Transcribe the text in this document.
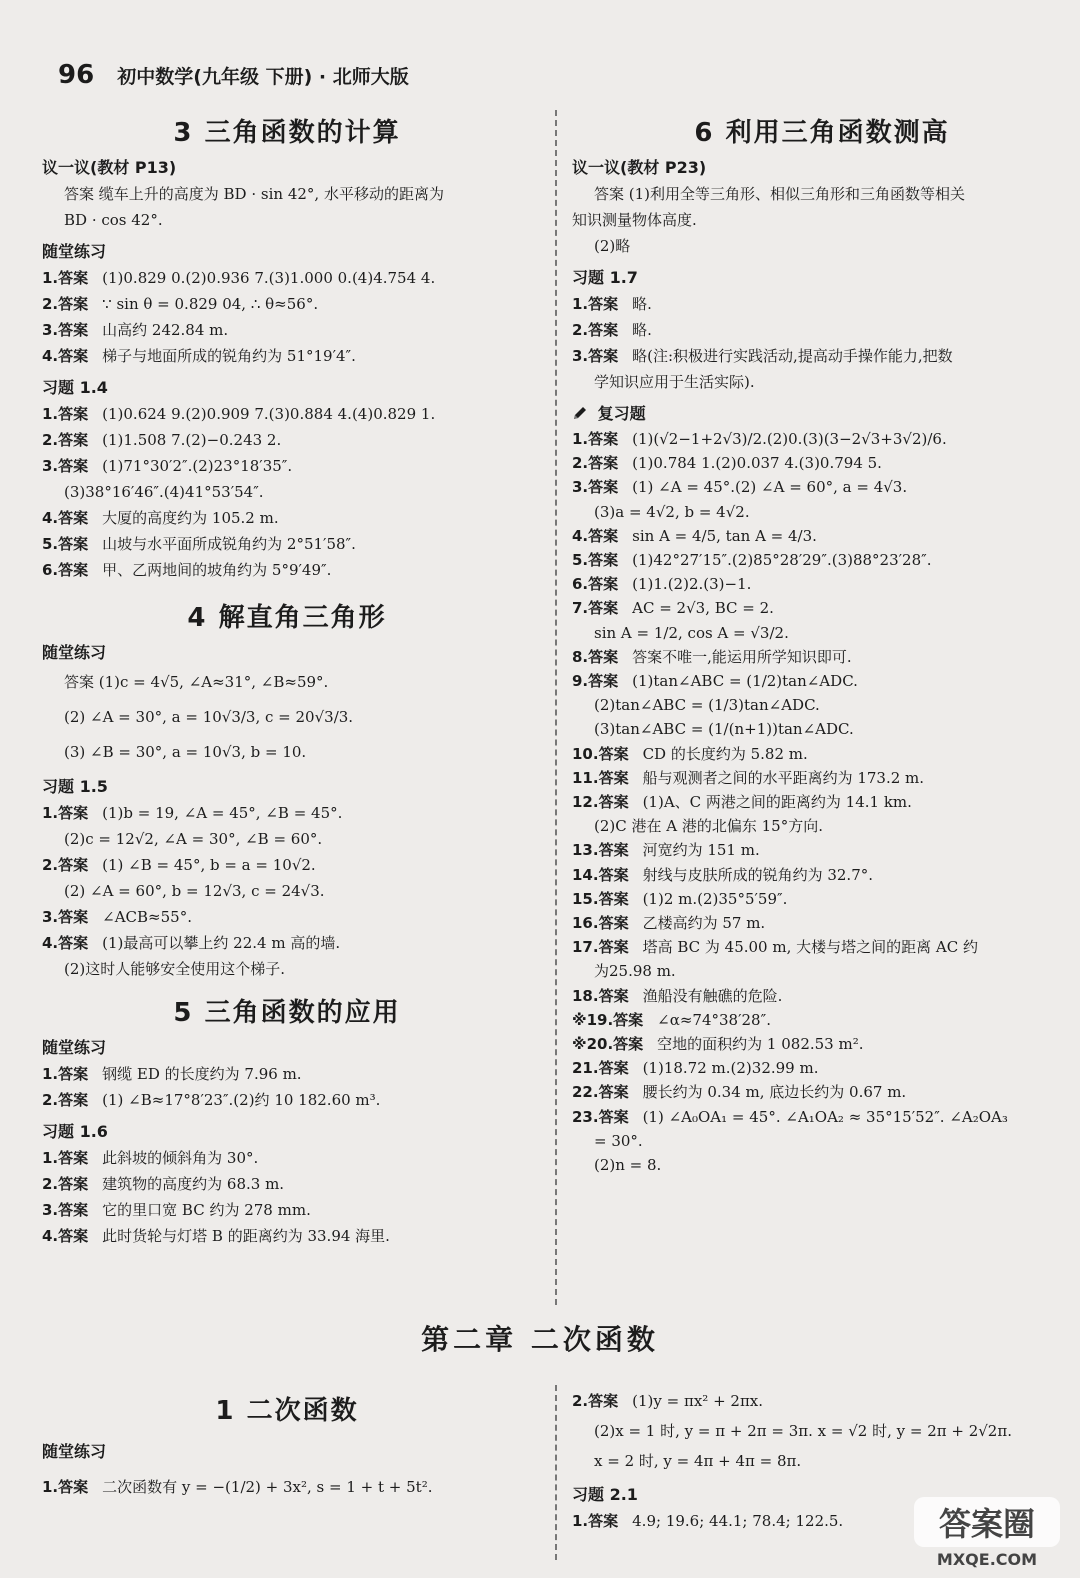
96 初中数学(九年级 下册) · 北师大版
3 三角函数的计算
议一议(教材 P13)
答案 缆车上升的高度为 BD · sin 42°, 水平移动的距离为
BD · cos 42°.
随堂练习
1.答案 (1)0.829 0.(2)0.936 7.(3)1.000 0.(4)4.754 4.
2.答案 ∵ sin θ = 0.829 04, ∴ θ≈56°.
3.答案 山高约 242.84 m.
4.答案 梯子与地面所成的锐角约为 51°19′4″.
习题 1.4
1.答案 (1)0.624 9.(2)0.909 7.(3)0.884 4.(4)0.829 1.
2.答案 (1)1.508 7.(2)−0.243 2.
3.答案 (1)71°30′2″.(2)23°18′35″.
(3)38°16′46″.(4)41°53′54″.
4.答案 大厦的高度约为 105.2 m.
5.答案 山坡与水平面所成锐角约为 2°51′58″.
6.答案 甲、乙两地间的坡角约为 5°9′49″.
4 解直角三角形
随堂练习
答案 (1)c = 4√5, ∠A≈31°, ∠B≈59°.
(2) ∠A = 30°, a = 10√3/3, c = 20√3/3.
(3) ∠B = 30°, a = 10√3, b = 10.
习题 1.5
1.答案 (1)b = 19, ∠A = 45°, ∠B = 45°.
(2)c = 12√2, ∠A = 30°, ∠B = 60°.
2.答案 (1) ∠B = 45°, b = a = 10√2.
(2) ∠A = 60°, b = 12√3, c = 24√3.
3.答案 ∠ACB≈55°.
4.答案 (1)最高可以攀上约 22.4 m 高的墙.
(2)这时人能够安全使用这个梯子.
5 三角函数的应用
随堂练习
1.答案 钢缆 ED 的长度约为 7.96 m.
2.答案 (1) ∠B≈17°8′23″.(2)约 10 182.60 m³.
习题 1.6
1.答案 此斜坡的倾斜角为 30°.
2.答案 建筑物的高度约为 68.3 m.
3.答案 它的里口宽 BC 约为 278 mm.
4.答案 此时货轮与灯塔 B 的距离约为 33.94 海里.
6 利用三角函数测高
议一议(教材 P23)
答案 (1)利用全等三角形、相似三角形和三角函数等相关
知识测量物体高度.
(2)略
习题 1.7
1.答案 略.
2.答案 略.
3.答案 略(注:积极进行实践活动,提高动手操作能力,把数
学知识应用于生活实际).
复习题
1.答案 (1)(√2−1+2√3)/2.(2)0.(3)(3−2√3+3√2)/6.
2.答案 (1)0.784 1.(2)0.037 4.(3)0.794 5.
3.答案 (1) ∠A = 45°.(2) ∠A = 60°, a = 4√3.
(3)a = 4√2, b = 4√2.
4.答案 sin A = 4/5, tan A = 4/3.
5.答案 (1)42°27′15″.(2)85°28′29″.(3)88°23′28″.
6.答案 (1)1.(2)2.(3)−1.
7.答案 AC = 2√3, BC = 2.
sin A = 1/2, cos A = √3/2.
8.答案 答案不唯一,能运用所学知识即可.
9.答案 (1)tan∠ABC = (1/2)tan∠ADC.
(2)tan∠ABC = (1/3)tan∠ADC.
(3)tan∠ABC = (1/(n+1))tan∠ADC.
10.答案 CD 的长度约为 5.82 m.
11.答案 船与观测者之间的水平距离约为 173.2 m.
12.答案 (1)A、C 两港之间的距离约为 14.1 km.
(2)C 港在 A 港的北偏东 15°方向.
13.答案 河宽约为 151 m.
14.答案 射线与皮肤所成的锐角约为 32.7°.
15.答案 (1)2 m.(2)35°5′59″.
16.答案 乙楼高约为 57 m.
17.答案 塔高 BC 为 45.00 m, 大楼与塔之间的距离 AC 约
为25.98 m.
18.答案 渔船没有触礁的危险.
※19.答案 ∠α≈74°38′28″.
※20.答案 空地的面积约为 1 082.53 m².
21.答案 (1)18.72 m.(2)32.99 m.
22.答案 腰长约为 0.34 m, 底边长约为 0.67 m.
23.答案 (1) ∠A₀OA₁ = 45°. ∠A₁OA₂ ≈ 35°15′52″. ∠A₂OA₃
= 30°.
(2)n = 8.
第二章 二次函数
1 二次函数
随堂练习
1.答案 二次函数有 y = −(1/2) + 3x², s = 1 + t + 5t².
2.答案 (1)y = πx² + 2πx.
(2)x = 1 时, y = π + 2π = 3π. x = √2 时, y = 2π + 2√2π.
x = 2 时, y = 4π + 4π = 8π.
习题 2.1
1.答案 4.9; 19.6; 44.1; 78.4; 122.5.	答案圈
MXQE.COM
